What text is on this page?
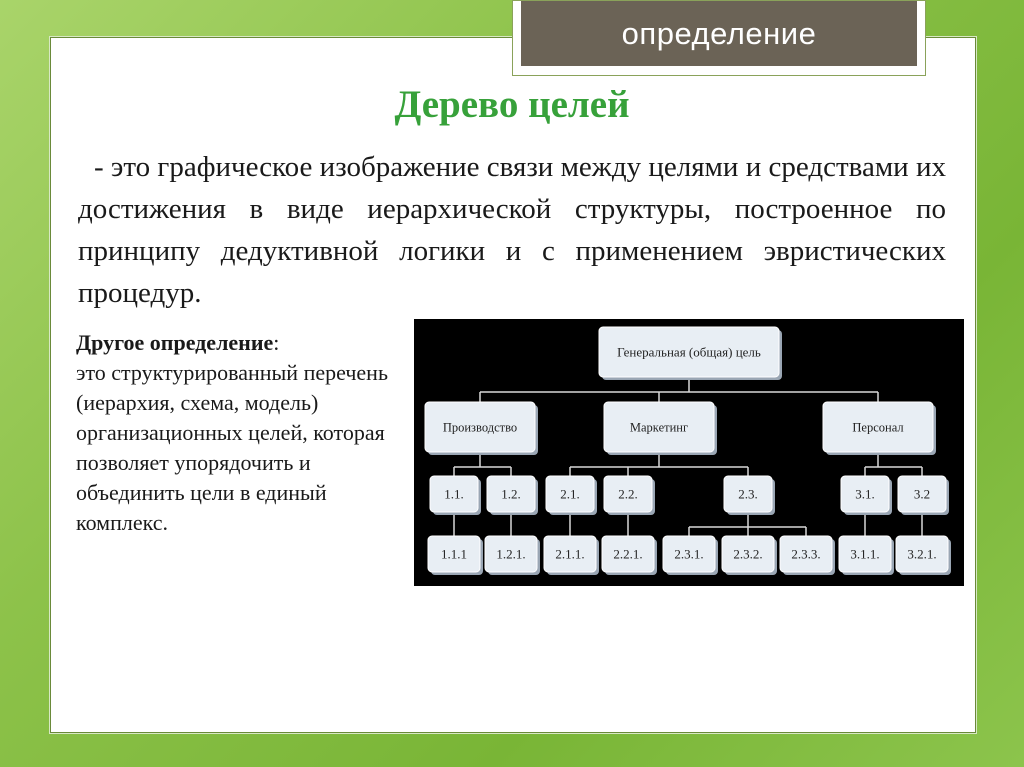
определение
Дерево целей
- это графическое изображение связи между целями и средствами их достижения в виде иерархической структуры, построенное по принципу дедуктивной логики и с применением эвристических процедур.
Другое определение:
это структурированный перечень (иерархия, схема, модель) организационных целей, которая позволяет упорядочить и объединить цели в единый комплекс.
Генеральная (общая) цель
Производство	Маркетинг	Персонал
1.1.	1.2.	2.1.	2.2.	2.3.	3.1.	3.2
1.1.1 1.2.1. 2.1.1. 2.2.1. 2.3.1. 2.3.2. 2.3.3. 3.1.1. 3.2.1.
